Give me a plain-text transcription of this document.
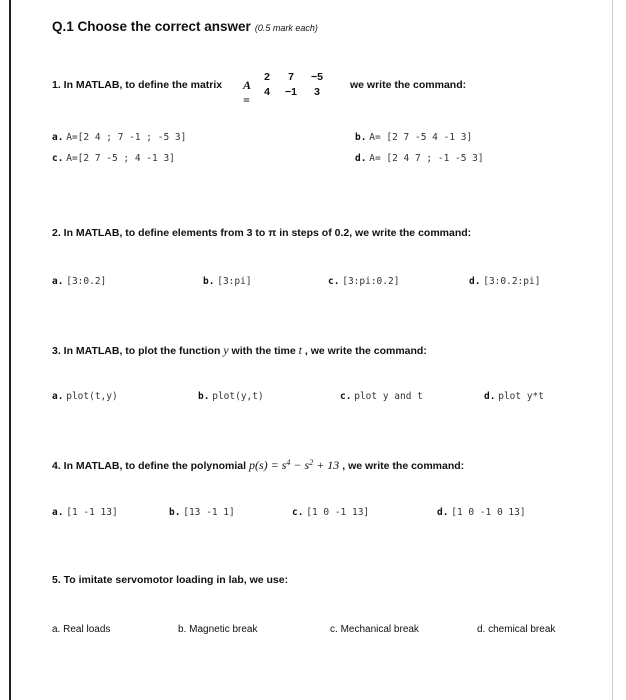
Q.1 Choose the correct answer (0.5 mark each)
1. In MATLAB, to define the matrix A =
2	7	−5
4	−1	3
we write the command:
a. A=[2 4 ; 7 -1 ; -5 3]	b. A= [2 7 -5 4 -1 3]
c. A=[2 7 -5 ; 4 -1 3]	d. A= [2 4 7 ; -1 -5 3]
2. In MATLAB, to define elements from 3 to π in steps of 0.2, we write the command:
a. [3:0.2]	b. [3:pi]	c. [3:pi:0.2]	d. [3:0.2:pi]
3. In MATLAB, to plot the function y with the time t , we write the command:
a. plot(t,y)	b. plot(y,t)	c. plot y and t	d. plot y*t
4. In MATLAB, to define the polynomial $p(s) = s^4 - s^2 + 13$ , we write the command:
a. [1 -1 13]	b. [13 -1 1]	c. [1 0 -1 13]	d. [1 0 -1 0 13]
5. To imitate servomotor loading in lab, we use:
a. Real loads	b. Magnetic break	c. Mechanical break	d. chemical break
